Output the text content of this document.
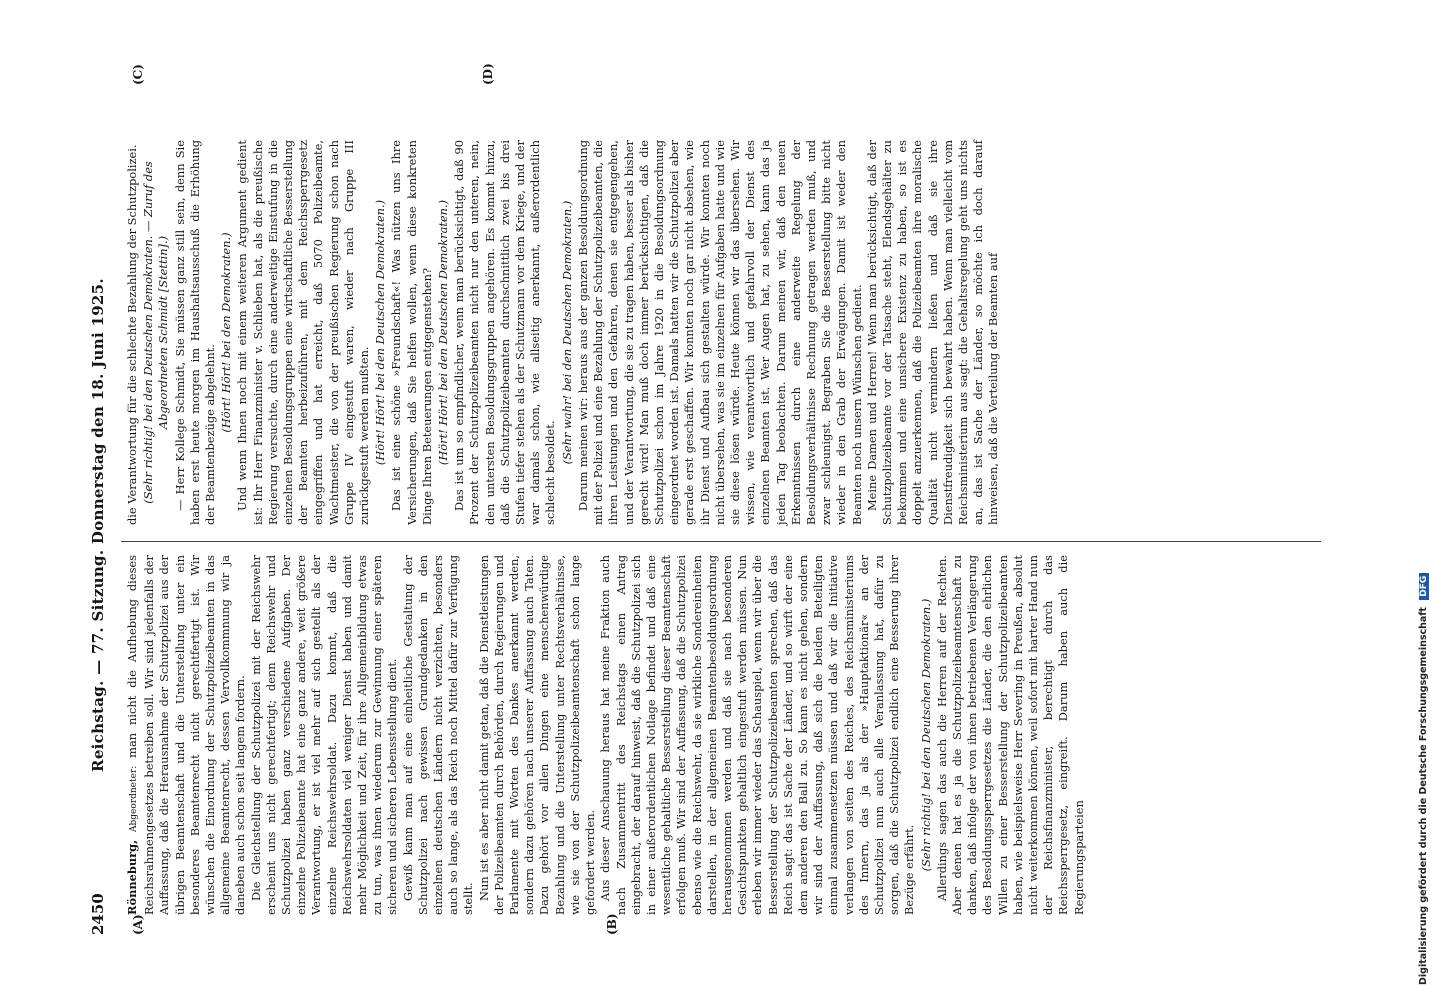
2450
Reichstag. — 77. Sitzung. Donnerstag den 18. Juni 1925.
(A)	(B)
(C)	(D)

Rönneburg, Abgeordneter: man nicht die Aufhebung dieses Reichsrahmengesetzes betreiben soll. Wir sind jedenfalls der Auffassung, daß die Herausnahme der Schutzpolizei aus der übrigen Beamtenschaft und die Unterstellung unter ein besonderes Beamtenrecht nicht gerechtfertigt ist. Wir wünschen die Einordnung der Schutzpolizeibeamten in das allgemeine Beamtenrecht, dessen Vervollkommnung wir ja daneben auch schon seit langem fordern. Die Gleichstellung der Schutzpolizei mit der Reichswehr erscheint uns nicht gerechtfertigt; denn Reichswehr und Schutzpolizei haben ganz verschiedene Aufgaben. Der einzelne Polizeibeamte hat eine ganz andere, weit größere Verantwortung, er ist viel mehr auf sich gestellt als der einzelne Reichswehrsoldat. Dazu kommt, daß die Reichswehrsoldaten viel weniger Dienst haben und damit mehr Möglichkeit und Zeit, für ihre Allgemeinbildung etwas zu tun, was ihnen wiederum zur Gewinnung einer späteren sicheren und sicheren Lebensstellung dient. Gewiß kann man auf eine einheitliche Gestaltung der Schutzpolizei nach gewissen Grundgedanken in den einzelnen deutschen Ländern nicht verzichten, besonders auch so lange, als das Reich noch Mittel dafür zur Verfügung stellt. Nun ist es aber nicht damit getan, daß die Dienstleistungen der Polizeibeamten durch Behörden, durch Regierungen und Parlamente mit Worten des Dankes anerkannt werden, sondern dazu gehören nach unserer Auffassung auch Taten. Dazu gehört vor allen Dingen eine menschenwürdige Bezahlung und die Unterstellung unter Rechtsverhältnisse, wie sie von der Schutzpolizeibeamtenschaft schon lange gefordert werden. Aus dieser Anschauung heraus hat meine Fraktion auch nach Zusammentritt des Reichstags einen Antrag eingebracht, der darauf hinweist, daß die Schutzpolizei sich in einer außerordentlichen Notlage befindet und daß eine wesentliche gehaltliche Besserstellung dieser Beamtenschaft erfolgen muß. Wir sind der Auffassung, daß die Schutzpolizei ebenso wie die Reichswehr, da sie wirkliche Sondereinheiten darstellen, in der allgemeinen Beamtenbesoldungsordnung herausgenommen werden und daß sie nach besonderen Gesichtspunkten gehaltlich eingestuft werden müssen. Nun erleben wir immer wieder das Schauspiel, wenn wir über die Besserstellung der Schutzpolizeibeamten sprechen, daß das Reich sagt: das ist Sache der Länder, und so wirft der eine dem anderen den Ball zu. So kann es nicht gehen, sondern wir sind der Auffassung, daß sich die beiden Beteiligten einmal zusammensetzen müssen und daß wir die Initiative verlangen von seiten des Reiches, des Reichsministeriums des Innern, das ja als der »Hauptaktionär« an der Schutzpolizei nun auch alle Veranlassung hat, dafür zu sorgen, daß die Schutzpolizei endlich eine Besserung ihrer Bezüge erfährt. (Sehr richtig! bei den Deutschen Demokraten.) Allerdings sagen das auch die Herren auf der Rechten. Aber denen hat es ja die Schutzpolizeibeamtenschaft zu danken, daß infolge der von ihnen betriebenen Verlängerung des Besoldungssperrgesetzes die Länder, die den ehrlichen Willen zu einer Besserstellung der Schutzpolizeibeamten haben, wie beispielsweise Herr Severing in Preußen, absolut nicht weiterkommen können, weil sofort mit harter Hand nun der Reichsfinanzminister, berechtigt durch das Reichssperrgesetz, eingreift. Darum haben auch die Regierungsparteien

die Verantwortung für die schlechte Bezahlung der Schutzpolizei. (Sehr richtig! bei den Deutschen Demokraten. — Zuruf des Abgeordneten Schmidt [Stettin].) — Herr Kollege Schmidt, Sie müssen ganz still sein, denn Sie haben erst heute morgen im Haushaltsausschuß die Erhöhung der Beamtenbezüge abgelehnt.

(Hört! Hört! bei den Demokraten.) Und wenn Ihnen noch mit einem weiteren Argument gedient ist: Ihr Herr Finanzminister v. Schlieben hat, als die preußische Regierung versuchte, durch eine anderweitige Einstufung in die einzelnen Besoldungsgruppen eine wirtschaftliche Besserstellung der Beamten herbeizuführen, mit dem Reichssperrgesetz eingegriffen und hat erreicht, daß 5070 Polizeibeamte, Wachtmeister, die von der preußischen Regierung schon nach Gruppe IV eingestuft waren, wieder nach Gruppe III zurückgestuft werden mußten. (Hört! Hört! bei den Deutschen Demokraten.) Das ist eine schöne »Freundschaft«! Was nützen uns Ihre Versicherungen, daß Sie helfen wollen, wenn diese konkreten Dinge Ihren Beteuerungen entgegenstehen? (Hört! Hört! bei den Deutschen Demokraten.) Das ist um so empfindlicher, wenn man berücksichtigt, daß 90 Prozent der Schutzpolizeibeamten nicht nur den unteren, nein, den untersten Besoldungsgruppen angehören. Es kommt hinzu, daß die Schutzpolizeibeamten durchschnittlich zwei bis drei Stufen tiefer stehen als der Schutzmann vor dem Kriege, und der war damals schon, wie allseitig anerkannt, außerordentlich schlecht besoldet.

(Sehr wahr! bei den Deutschen Demokraten.) Darum meinen wir: heraus aus der ganzen Besoldungsordnung mit der Polizei und eine Bezahlung der Schutzpolizeibeamten, die ihren Leistungen und den Gefahren, denen sie entgegengehen, und der Verantwortung, die sie zu tragen haben, besser als bisher gerecht wird! Man muß doch immer berücksichtigen, daß die Schutzpolizei schon im Jahre 1920 in die Besoldungsordnung eingeordnet worden ist. Damals hatten wir die Schutzpolizei aber gerade erst geschaffen. Wir konnten noch gar nicht absehen, wie ihr Dienst und Aufbau sich gestalten würde. Wir konnten noch nicht übersehen, was sie im einzelnen für Aufgaben hatte und wie sie diese lösen würde. Heute können wir das übersehen. Wir wissen, wie verantwortlich und gefahrvoll der Dienst des einzelnen Beamten ist. Wer Augen hat, zu sehen, kann das ja jeden Tag beobachten. Darum meinen wir, daß den neuen Erkenntnissen durch eine anderweite Regelung der Besoldungsverhältnisse Rechnung getragen werden muß, und zwar schleunigst. Begraben Sie die Besserstellung bitte nicht wieder in den Grab der Erwägungen. Damit ist weder den Beamten noch unsern Wünschen gedient. Meine Damen und Herren! Wenn man berücksichtigt, daß der Schutzpolizeibeamte vor der Tatsache steht, Elendsgehälter zu bekommen und eine unsichere Existenz zu haben, so ist es doppelt anzuerkennen, daß die Polizeibeamten ihre moralische Qualität nicht vermindern ließen und daß sie ihre Dienstfreudigkeit sich bewahrt haben. Wenn man vielleicht vom Reichsministerium aus sagt: die Gehaltsregelung geht uns nichts an, das ist Sache der Länder, so möchte ich doch darauf hinweisen, daß die Verteilung der Beamten auf

Digitalisierung gefördert durch die Deutsche Forschungsgemeinschaft DFG
